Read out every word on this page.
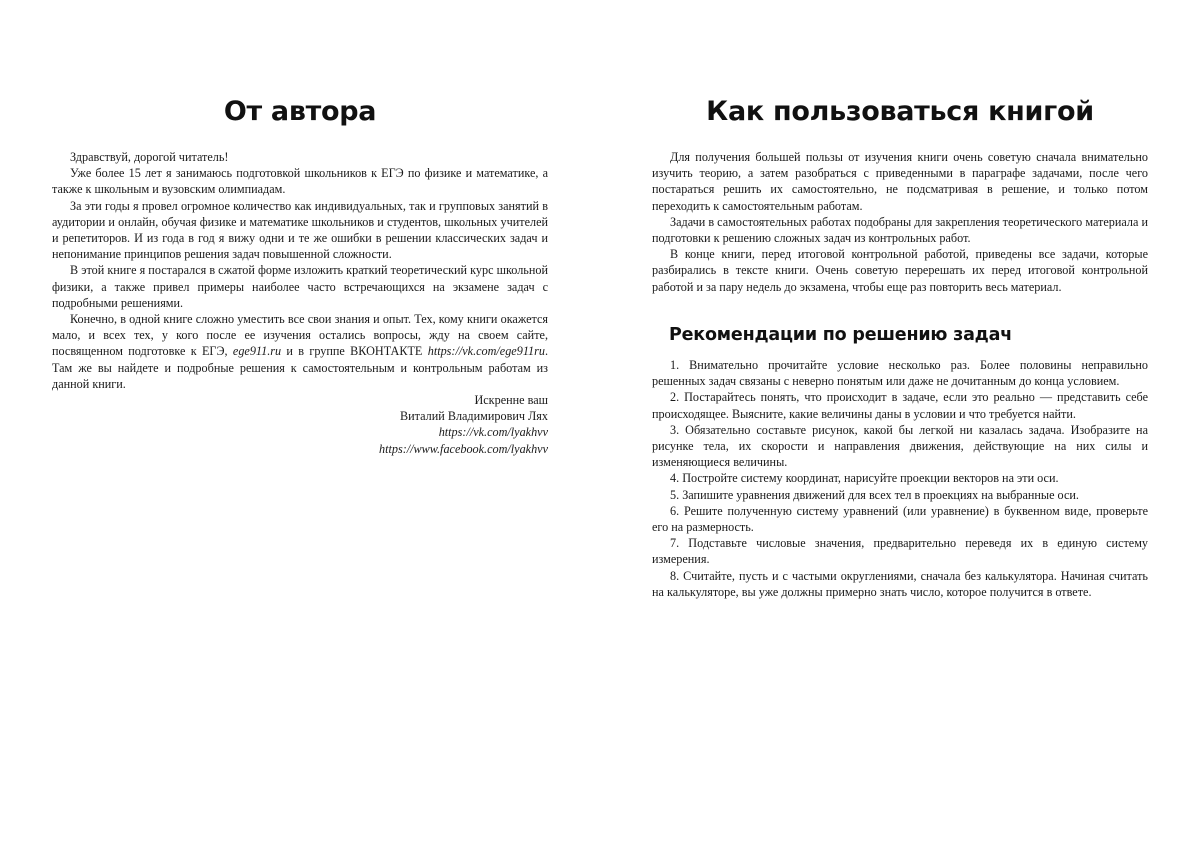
От автора

Здравствуй, дорогой читатель!

Уже более 15 лет я занимаюсь подготовкой школьников к ЕГЭ по физике и математике, а также к школьным и вузовским олимпиадам.

За эти годы я провел огромное количество как индивидуальных, так и групповых занятий в аудитории и онлайн, обучая физике и математике школьников и студентов, школьных учителей и репетиторов. И из года в год я вижу одни и те же ошибки в решении классических задач и непонимание принципов решения задач повышенной сложности.

В этой книге я постарался в сжатой форме изложить краткий теоретический курс школьной физики, а также привел примеры наиболее часто встречающихся на экзамене задач с подробными решениями.

Конечно, в одной книге сложно уместить все свои знания и опыт. Тех, кому книги окажется мало, и всех тех, у кого после ее изучения остались вопросы, жду на своем сайте, посвященном подготовке к ЕГЭ, ege911.ru и в группе ВКОНТАКТЕ https://vk.com/ege911ru. Там же вы найдете и подробные решения к самостоятельным и контрольным работам из данной книги.

Искренне ваш

Виталий Владимирович Лях

https://vk.com/lyakhvv

https://www.facebook.com/lyakhvv

Как пользоваться книгой

Для получения большей пользы от изучения книги очень советую сначала внимательно изучить теорию, а затем разобраться с приведенными в параграфе задачами, после чего постараться решить их самостоятельно, не подсматривая в решение, и только потом переходить к самостоятельным работам.

Задачи в самостоятельных работах подобраны для закрепления теоретического материала и подготовки к решению сложных задач из контрольных работ.

В конце книги, перед итоговой контрольной работой, приведены все задачи, которые разбирались в тексте книги. Очень советую перерешать их перед итоговой контрольной работой и за пару недель до экзамена, чтобы еще раз повторить весь материал.

Рекомендации по решению задач

1. Внимательно прочитайте условие несколько раз. Более половины неправильно решенных задач связаны с неверно понятым или даже не дочитанным до конца условием.

2. Постарайтесь понять, что происходит в задаче, если это реально — представить себе происходящее. Выясните, какие величины даны в условии и что требуется найти.

3. Обязательно составьте рисунок, какой бы легкой ни казалась задача. Изобразите на рисунке тела, их скорости и направления движения, действующие на них силы и изменяющиеся величины.

4. Постройте систему координат, нарисуйте проекции векторов на эти оси.

5. Запишите уравнения движений для всех тел в проекциях на выбранные оси.

6. Решите полученную систему уравнений (или уравнение) в буквенном виде, проверьте его на размерность.

7. Подставьте числовые значения, предварительно переведя их в единую систему измерения.

8. Считайте, пусть и с частыми округлениями, сначала без калькулятора. Начиная считать на калькуляторе, вы уже должны примерно знать число, которое получится в ответе.
